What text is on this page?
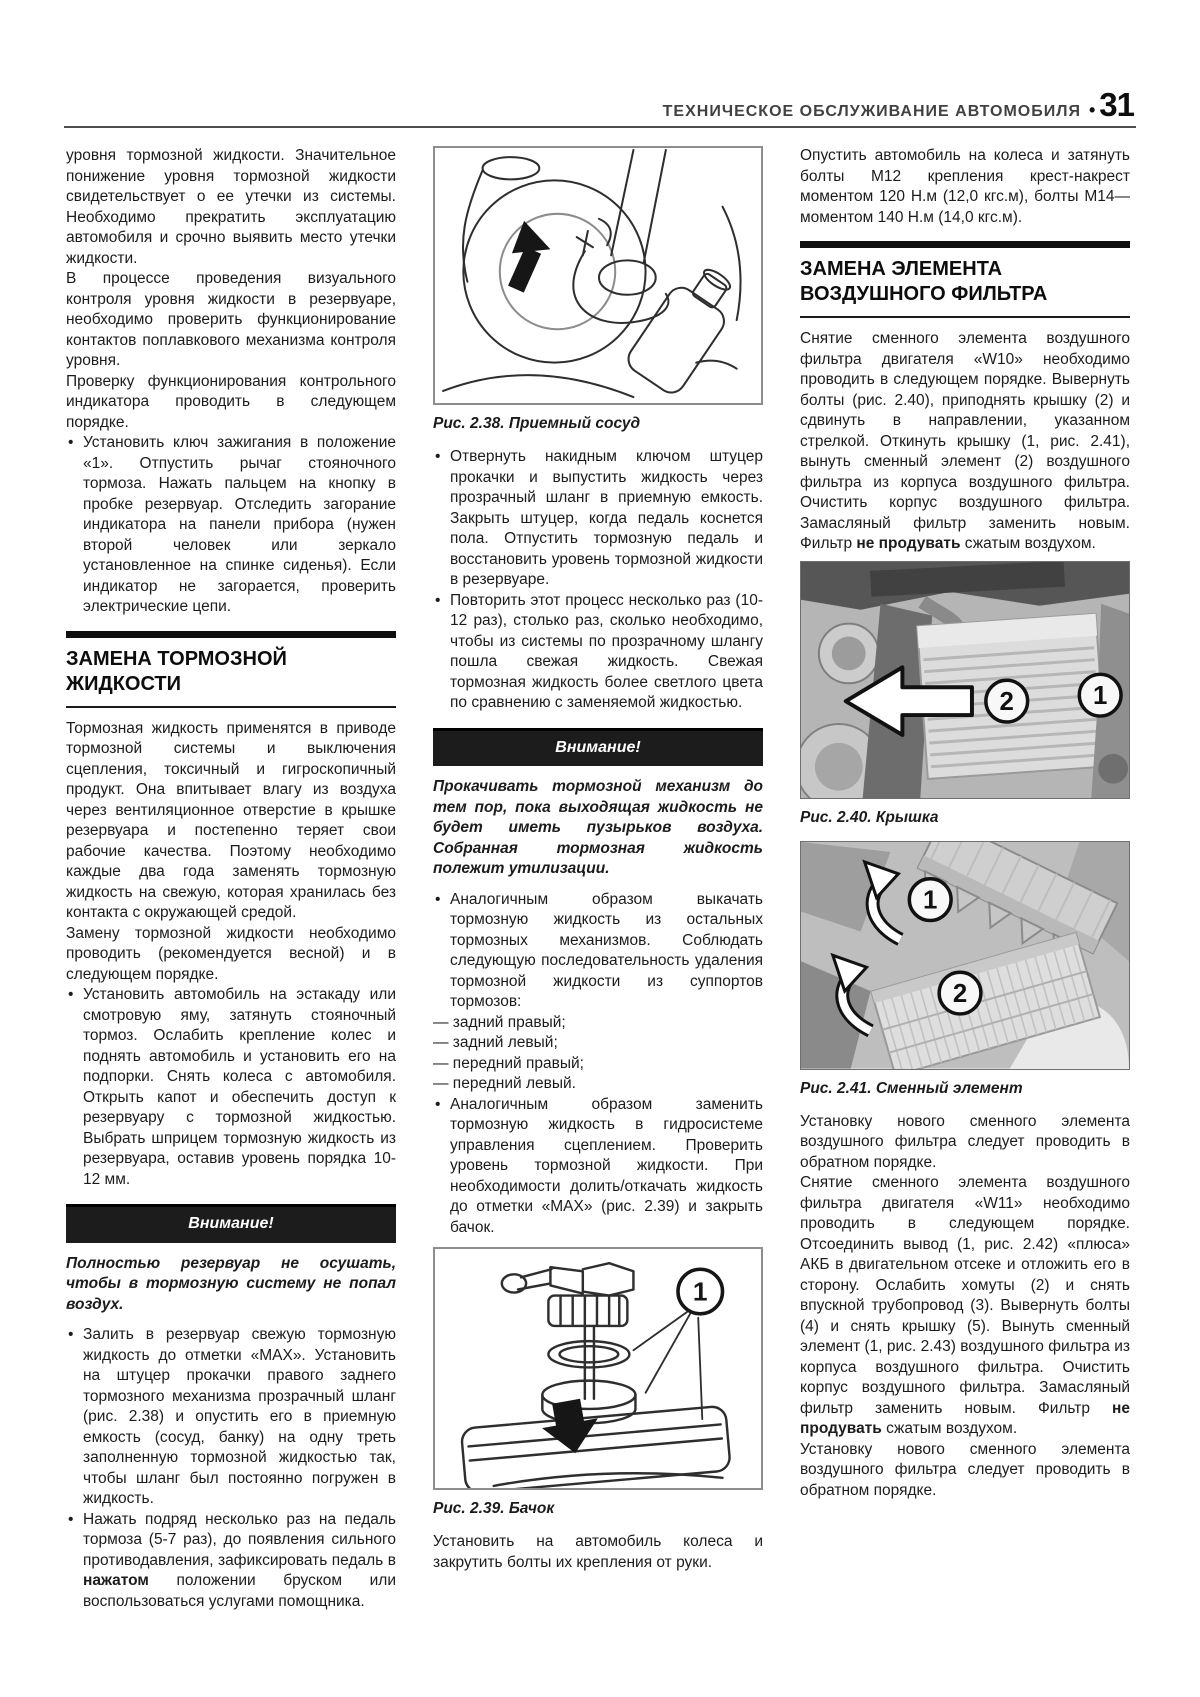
ТЕХНИЧЕСКОЕ ОБСЛУЖИВАНИЕ АВТОМОБИЛЯ • 31

уровня тормозной жидкости. Значительное понижение уровня тормозной жидкости свидетельствует о ее утечки из системы. Необходимо прекратить эксплуатацию автомобиля и срочно выявить место утечки жидкости.

В процессе проведения визуального контроля уровня жидкости в резервуаре, необходимо проверить функционирование контактов поплавкового механизма контроля уровня.

Проверку функционирования контрольного индикатора проводить в следующем порядке.

• Установить ключ зажигания в положение «1». Отпустить рычаг стояночного тормоза. Нажать пальцем на кнопку в пробке резервуар. Отследить загорание индикатора на панели прибора (нужен второй человек или зеркало установленное на спинке сиденья). Если индикатор не загорается, проверить электрические цепи.

ЗАМЕНА ТОРМОЗНОЙ ЖИДКОСТИ

Тормозная жидкость применятся в приводе тормозной системы и выключения сцепления, токсичный и гигроскопичный продукт. Она впитывает влагу из воздуха через вентиляционное отверстие в крышке резервуара и постепенно теряет свои рабочие качества. Поэтому необходимо каждые два года заменять тормозную жидкость на свежую, которая хранилась без контакта с окружающей средой.

Замену тормозной жидкости необходимо проводить (рекомендуется весной) и в следующем порядке.

• Установить автомобиль на эстакаду или смотровую яму, затянуть стояночный тормоз. Ослабить крепление колес и поднять автомобиль и установить его на подпорки. Снять колеса с автомобиля. Открыть капот и обеспечить доступ к резервуару с тормозной жидкостью. Выбрать шприцем тормозную жидкость из резервуара, оставив уровень порядка 10-12 мм.

Внимание!

Полностью резервуар не осушать, чтобы в тормозную систему не попал воздух.

• Залить в резервуар свежую тормозную жидкость до отметки «MAX». Установить на штуцер прокачки правого заднего тормозного механизма прозрачный шланг (рис. 2.38) и опустить его в приемную емкость (сосуд, банку) на одну треть заполненную тормозной жидкостью так, чтобы шланг был постоянно погружен в жидкость.

• Нажать подряд несколько раз на педаль тормоза (5-7 раз), до появления сильного противодавления, зафиксировать педаль в нажатом положении бруском или воспользоваться услугами помощника.

Рис. 2.38. Приемный сосуд

• Отвернуть накидным ключом штуцер прокачки и выпустить жидкость через прозрачный шланг в приемную емкость. Закрыть штуцер, когда педаль коснется пола. Отпустить тормозную педаль и восстановить уровень тормозной жидкости в резервуаре.

• Повторить этот процесс несколько раз (10-12 раз), столько раз, сколько необходимо, чтобы из системы по прозрачному шлангу пошла свежая жидкость. Свежая тормозная жидкость более светлого цвета по сравнению с заменяемой жидкостью.

Внимание!

Прокачивать тормозной механизм до тем пор, пока выходящая жидкость не будет иметь пузырьков воздуха. Собранная тормозная жидкость полежит утилизации.

• Аналогичным образом выкачать тормозную жидкость из остальных тормозных механизмов. Соблюдать следующую последовательность удаления тормозной жидкости из суппортов тормозов:

— задний правый;

— задний левый;

— передний правый;

— передний левый.

• Аналогичным образом заменить тормозную жидкость в гидросистеме управления сцеплением. Проверить уровень тормозной жидкости. При необходимости долить/откачать жидкость до отметки «MAX» (рис. 2.39) и закрыть бачок.

1
Рис. 2.39. Бачок

Установить на автомобиль колеса и закрутить болты их крепления от руки.

Опустить автомобиль на колеса и затянуть болты М12 крепления крест-накрест моментом 120 Н.м (12,0 кгс.м), болты М14—моментом 140 Н.м (14,0 кгс.м).

ЗАМЕНА ЭЛЕМЕНТА ВОЗДУШНОГО ФИЛЬТРА

Снятие сменного элемента воздушного фильтра двигателя «W10» необходимо проводить в следующем порядке. Вывернуть болты (рис. 2.40), приподнять крышку (2) и сдвинуть в направлении, указанном стрелкой. Откинуть крышку (1, рис. 2.41), вынуть сменный элемент (2) воздушного фильтра из корпуса воздушного фильтра. Очистить корпус воздушного фильтра. Замасляный фильтр заменить новым. Фильтр не продувать сжатым воздухом.

2	1
Рис. 2.40. Крышка
1
2
Рис. 2.41. Сменный элемент

Установку нового сменного элемента воздушного фильтра следует проводить в обратном порядке.

Снятие сменного элемента воздушного фильтра двигателя «W11» необходимо проводить в следующем порядке. Отсоединить вывод (1, рис. 2.42) «плюса» АКБ в двигательном отсеке и отложить его в сторону. Ослабить хомуты (2) и снять впускной трубопровод (3). Вывернуть болты (4) и снять крышку (5). Вынуть сменный элемент (1, рис. 2.43) воздушного фильтра из корпуса воздушного фильтра. Очистить корпус воздушного фильтра. Замасляный фильтр заменить новым. Фильтр не продувать сжатым воздухом.

Установку нового сменного элемента воздушного фильтра следует проводить в обратном порядке.
